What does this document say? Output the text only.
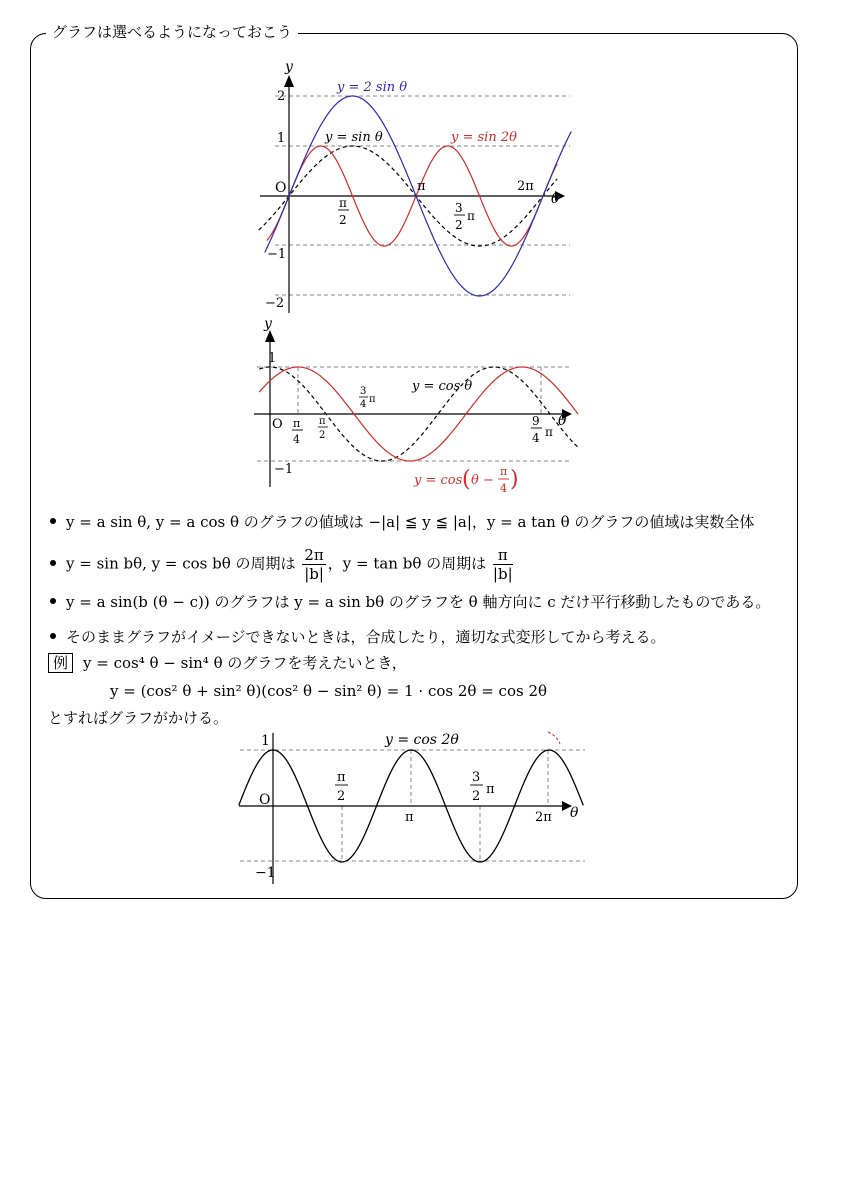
グラフは選べるようになっておこう
y
θ
O
2
1
−1
−2
π	2π
π
2
3
2
π
y = 2 sin θ
y = sin θ	y = sin 2θ
y
θ
O
1
−1
π
4
π
2
3
4 π
9
4 π
y = cos θ
y = cos ( θ −
π
4 )
y = a sin θ, y = a cos θ のグラフの値域は −|a| ≦ y ≦ |a|，y = a tan θ のグラフの値域は実数全体
y = sin bθ, y = cos bθ の周期は $\frac{2\pi}{|b|}$ ，y = tan bθ の周期は $\frac{\pi}{|b|}$
y = a sin(b (θ − c)) のグラフは y = a sin bθ のグラフを θ 軸方向に c だけ平行移動したものである。
そのままグラフがイメージできないときは，合成したり，適切な式変形してから考える。
例 y = cos⁴ θ − sin⁴ θ のグラフを考えたいとき，
y = (cos² θ + sin² θ)(cos² θ − sin² θ) = 1 · cos 2θ = cos 2θ
とすればグラフがかける。
1
−1
O
θ
π
2
π
3
2 π
2π
y = cos 2θ
